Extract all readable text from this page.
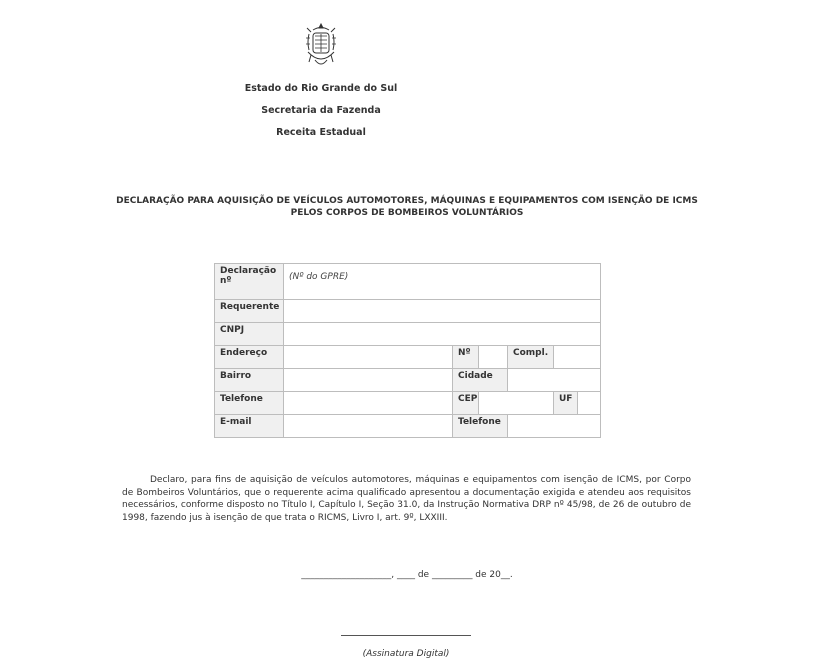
Estado do Rio Grande do Sul
Secretaria da Fazenda
Receita Estadual
DECLARAÇÃO PARA AQUISIÇÃO DE VEÍCULOS AUTOMOTORES, MÁQUINAS E EQUIPAMENTOS COM ISENÇÃO DE ICMS PELOS CORPOS DE BOMBEIROS VOLUNTÁRIOS
Declaração nº	(Nº do GPRE)				
Requerente					
CNPJ					
Endereço		Nº		Compl.	
Bairro		Cidade			
Telefone		CEP			UF

E-mail		Telefone			
Declaro, para fins de aquisição de veículos automotores, máquinas e equipamentos com isenção de ICMS, por Corpo de Bombeiros Voluntários, que o requerente acima qualificado apresentou a documentação exigida e atendeu aos requisitos necessários, conforme disposto no Título I, Capítulo I, Seção 31.0, da Instrução Normativa DRP nº 45/98, de 26 de outubro de 1998, fazendo jus à isenção de que trata o RICMS, Livro I, art. 9º, LXXIII.
____________________, ____ de _________ de 20__.
(Assinatura Digital)
